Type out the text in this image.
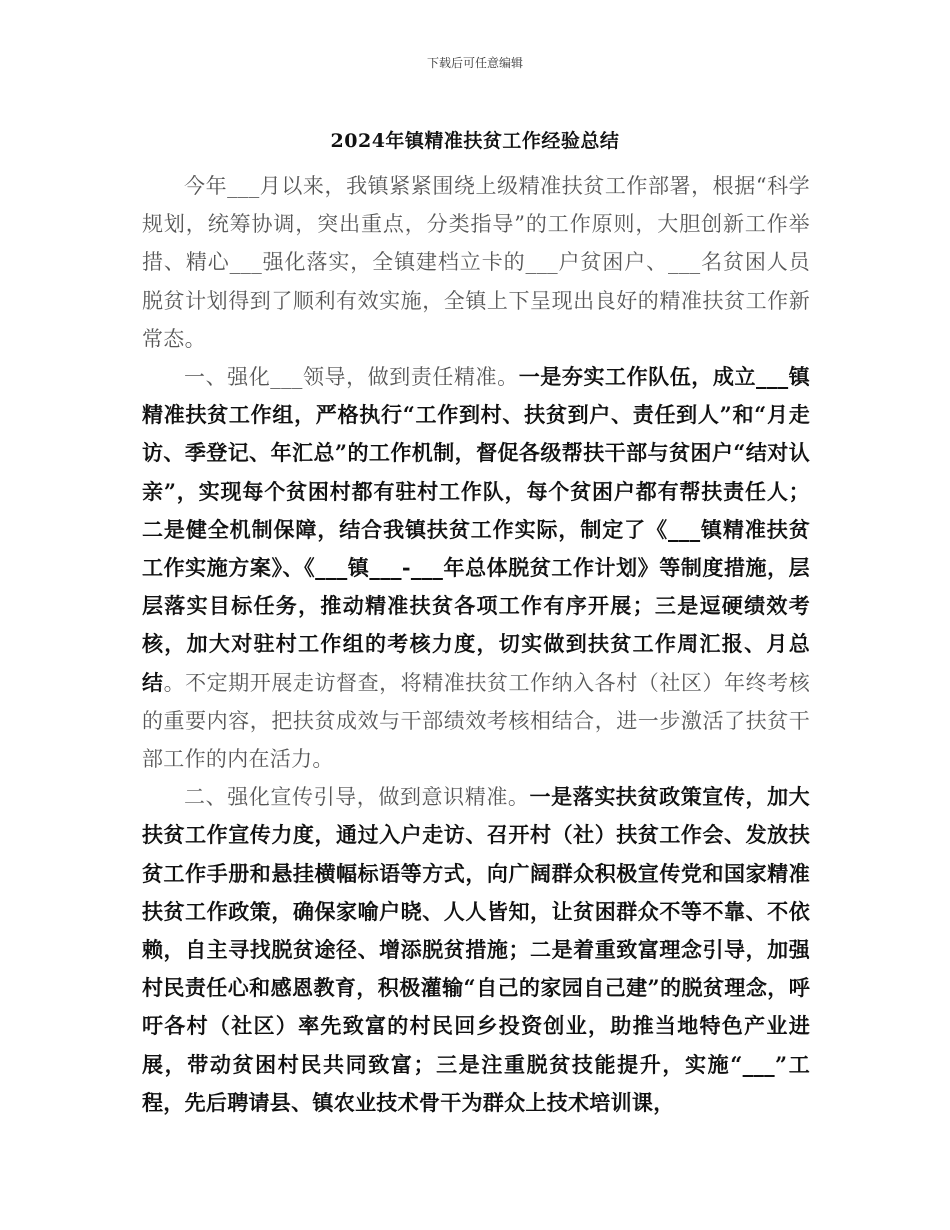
下载后可任意编辑
2024年镇精准扶贫工作经验总结

今年___月以来，我镇紧紧围绕上级精准扶贫工作部署，根据“科学规划，统筹协调，突出重点，分类指导”的工作原则，大胆创新工作举措、精心___强化落实，全镇建档立卡的___户贫困户、___名贫困人员脱贫计划得到了顺利有效实施，全镇上下呈现出良好的精准扶贫工作新常态。

一、强化___领导，做到责任精准。一是夯实工作队伍，成立___镇精准扶贫工作组，严格执行“工作到村、扶贫到户、责任到人”和“月走访、季登记、年汇总”的工作机制，督促各级帮扶干部与贫困户“结对认亲”，实现每个贫困村都有驻村工作队，每个贫困户都有帮扶责任人；二是健全机制保障，结合我镇扶贫工作实际，制定了《___镇精准扶贫工作实施方案》、《___镇___-___年总体脱贫工作计划》等制度措施，层层落实目标任务，推动精准扶贫各项工作有序开展；三是逗硬绩效考核，加大对驻村工作组的考核力度，切实做到扶贫工作周汇报、月总结。不定期开展走访督查，将精准扶贫工作纳入各村（社区）年终考核的重要内容，把扶贫成效与干部绩效考核相结合，进一步激活了扶贫干部工作的内在活力。

二、强化宣传引导，做到意识精准。一是落实扶贫政策宣传，加大扶贫工作宣传力度，通过入户走访、召开村（社）扶贫工作会、发放扶贫工作手册和悬挂横幅标语等方式，向广阔群众积极宣传党和国家精准扶贫工作政策，确保家喻户晓、人人皆知，让贫困群众不等不靠、不依赖，自主寻找脱贫途径、增添脱贫措施；二是着重致富理念引导，加强村民责任心和感恩教育，积极灌输“自己的家园自己建”的脱贫理念，呼吁各村（社区）率先致富的村民回乡投资创业，助推当地特色产业进展，带动贫困村民共同致富；三是注重脱贫技能提升，实施“___”工程，先后聘请县、镇农业技术骨干为群众上技术培训课，
